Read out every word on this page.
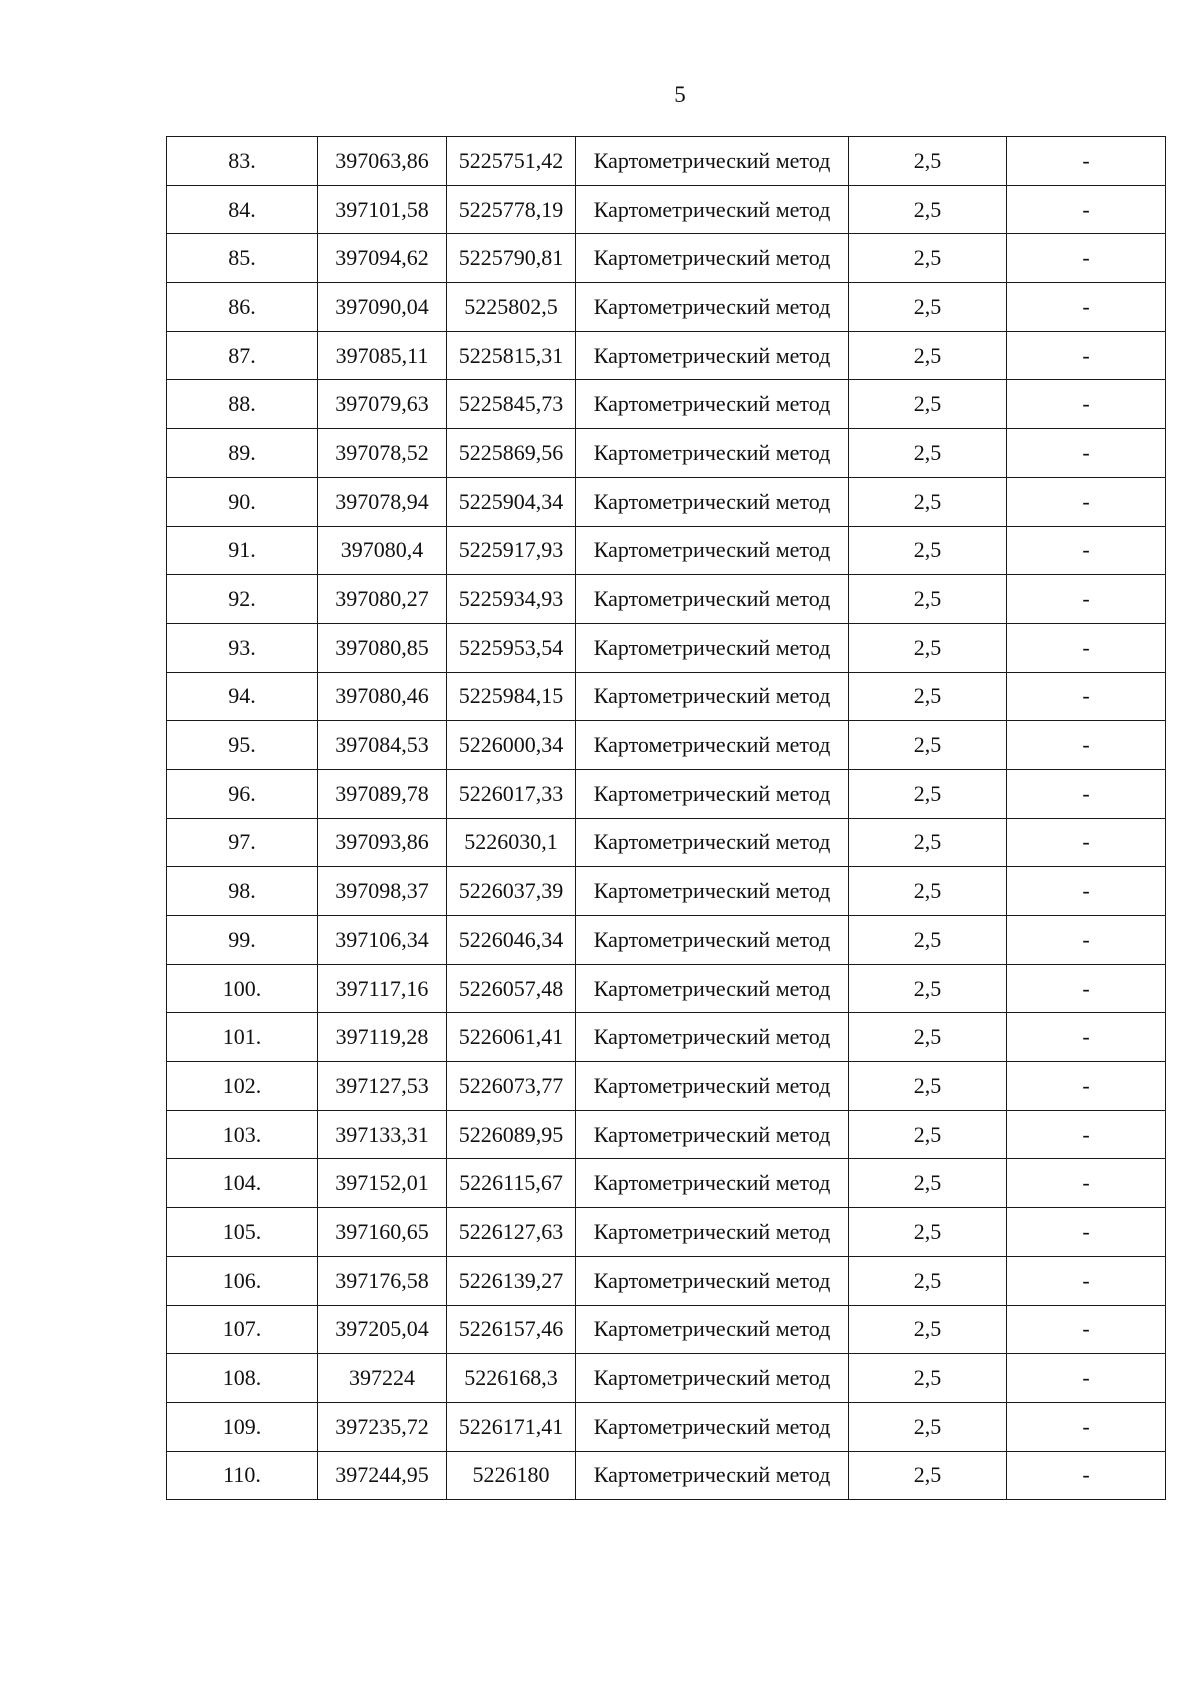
5
83.	397063,86	5225751,42	Картометрический метод	2,5	-
84.	397101,58	5225778,19	Картометрический метод	2,5	-
85.	397094,62	5225790,81	Картометрический метод	2,5	-
86.	397090,04	5225802,5	Картометрический метод	2,5	-
87.	397085,11	5225815,31	Картометрический метод	2,5	-
88.	397079,63	5225845,73	Картометрический метод	2,5	-
89.	397078,52	5225869,56	Картометрический метод	2,5	-
90.	397078,94	5225904,34	Картометрический метод	2,5	-
91.	397080,4	5225917,93	Картометрический метод	2,5	-
92.	397080,27	5225934,93	Картометрический метод	2,5	-
93.	397080,85	5225953,54	Картометрический метод	2,5	-
94.	397080,46	5225984,15	Картометрический метод	2,5	-
95.	397084,53	5226000,34	Картометрический метод	2,5	-
96.	397089,78	5226017,33	Картометрический метод	2,5	-
97.	397093,86	5226030,1	Картометрический метод	2,5	-
98.	397098,37	5226037,39	Картометрический метод	2,5	-
99.	397106,34	5226046,34	Картометрический метод	2,5	-
100.	397117,16	5226057,48	Картометрический метод	2,5	-
101.	397119,28	5226061,41	Картометрический метод	2,5	-
102.	397127,53	5226073,77	Картометрический метод	2,5	-
103.	397133,31	5226089,95	Картометрический метод	2,5	-
104.	397152,01	5226115,67	Картометрический метод	2,5	-
105.	397160,65	5226127,63	Картометрический метод	2,5	-
106.	397176,58	5226139,27	Картометрический метод	2,5	-
107.	397205,04	5226157,46	Картометрический метод	2,5	-
108.	397224	5226168,3	Картометрический метод	2,5	-
109.	397235,72	5226171,41	Картометрический метод	2,5	-
110.	397244,95	5226180	Картометрический метод	2,5	-
